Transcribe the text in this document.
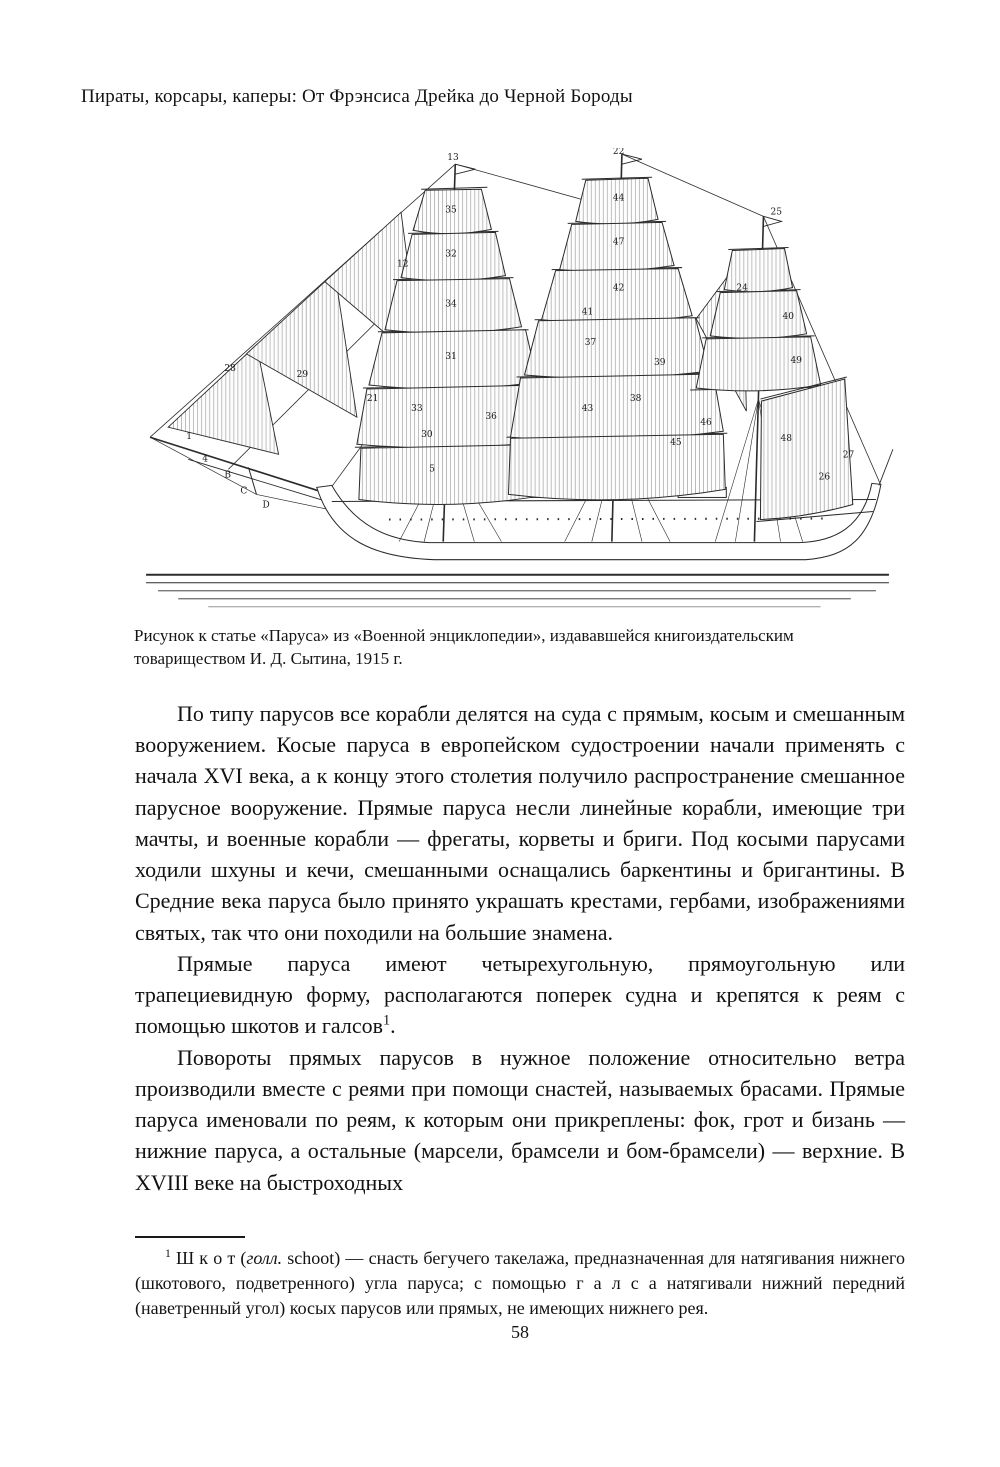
Пираты, корсары, каперы: От Фрэнсиса Дрейка до Черной Бороды
13
35
32
12
34
31
33
30
36
5
22
44
47
42
41
37
39
38
43
45
46
25
24
40
49
48
27
26
28
29
21
1
4
B
C
D
Рисунок к статье «Паруса» из «Военной энциклопедии», издававшейся книгоиздательским товариществом И. Д. Сытина, 1915 г.

По типу парусов все корабли делятся на суда с прямым, косым и смешанным вооружением. Косые паруса в европейском судостроении начали применять с начала XVI века, а к концу этого столетия получило распространение смешанное парусное вооружение. Прямые паруса несли линейные корабли, имеющие три мачты, и военные корабли — фрегаты, корветы и бриги. Под косыми парусами ходили шхуны и кечи, смешанными оснащались баркентины и бригантины. В Средние века паруса было принято украшать крестами, гербами, изображениями святых, так что они походили на большие знамена.

Прямые паруса имеют четырехугольную, прямоугольную или трапециевидную форму, располагаются поперек судна и крепятся к реям с помощью шкотов и галсов$^1$.

Повороты прямых парусов в нужное положение относительно ветра производили вместе с реями при помощи снастей, называемых брасами. Прямые паруса именовали по реям, к которым они прикреплены: фок, грот и бизань — нижние паруса, а остальные (марсели, брамсели и бом-брамсели) — верхние. В XVIII веке на быстроходных

$^1$ Ш к о т (голл. schoot) — снасть бегучего такелажа, предназначенная для натягивания нижнего (шкотового, подветренного) угла паруса; с помощью г а л с а натягивали нижний передний (наветренный угол) косых парусов или прямых, не имеющих нижнего рея.
58
